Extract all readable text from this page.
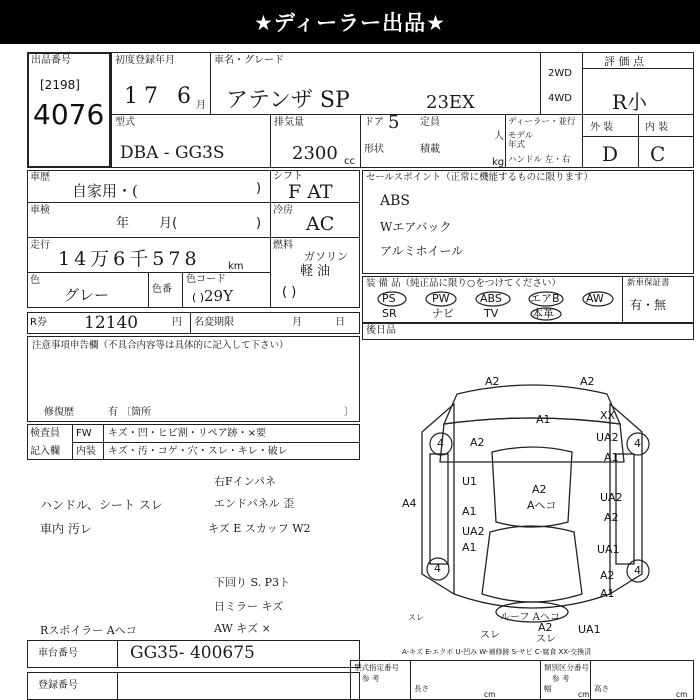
★ディーラー出品★
出品番号
[2198]
4076
初度登録年月
17 6 月
車名・グレード
アテンザ SP	23EX
2WD
4WD
評 価 点
R小
型式
DBA - GG3S
排気量
2300 cc
ドア 5 定員
人
形状	積載
kg
ディーラー・並行
モデル年式
ハンドル 左・右
外 装	内 装
D C
車歴
自家用・(	)
車検
年 月(	)
走行
14万6千578	km
色
グレー	色番
色コード
29Y
( )
シフト
F AT
冷房
AC
燃料
ガソリン
軽 油
( )
R券 12140	円 名変期限	月 日
注意事項申告欄（不具合内容等は具体的に記入して下さい）
修復歴	有 〔箇所	〕
セールスポイント（正常に機能するものに限ります）
ABS
Wエアバック
アルミホイール
装 備 品（純正品に限り○をつけてください）
PS	PW	ABS	エアB AW
SR	ナビ	TV	本革
新車保証書
有・無
後日品
検査員
記入欄
FW キズ・凹・ヒビ割・リペア跡・×要
内装 キズ・汚・コゲ・穴・スレ・キレ・破レ
ハンドル、シート スレ
車内 汚レ
右Fインパネ
エンドパネル 歪
キズ E スカッフ W2
下回り S. P3ト
日ミラー キズ
Rスポイラー Aヘコ	AW キズ ×
ルーフ Aヘコ
A2	A2
A1	XX
UA2
A2
A1
U1
A2
Aヘコ
UA2
A1
A4
A2
UA2
A1	UA1
A2
A1
A2 UA1
4	4
4	4
スレ	スレ
スレ
A-キズ E-エクボ U-凹み W-補修跡 S-サビ C-腐食 XX-交換済
車台番号	GG35- 400675
登録番号
型式指定番号
参 考
類別区分番号
参 考
長さ	幅	高さ
cm	cm	cm
